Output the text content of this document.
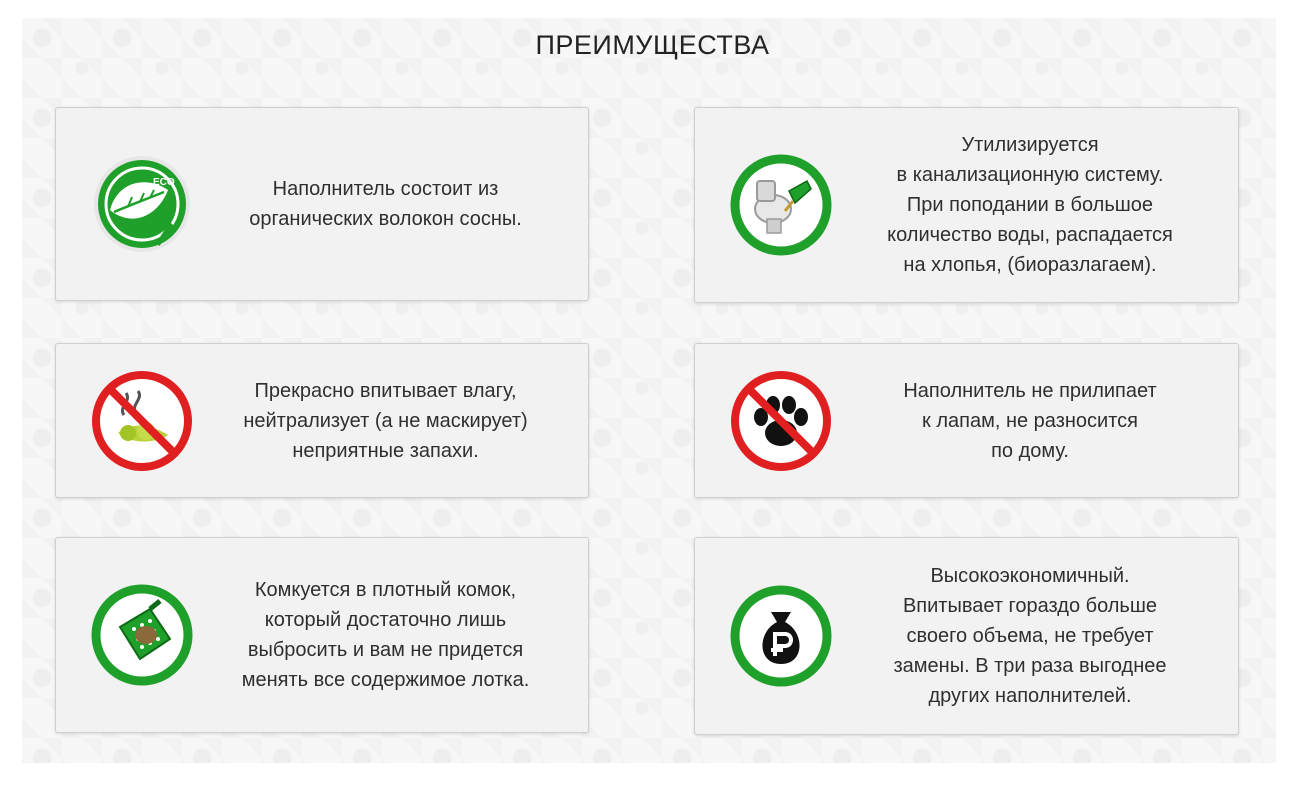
ПРЕИМУЩЕСТВА
ECO	Наполнитель состоит из
органических волокон сосны.
Утилизируется
в канализационную систему.
При поподании в большое
количество воды, распадается
на хлопья, (биоразлагаем).
Прекрасно впитывает влагу,
нейтрализует (а не маскирует)
неприятные запахи.
Наполнитель не прилипает
к лапам, не разносится
по дому.
Комкуется в плотный комок,
который достаточно лишь
выбросить и вам не придется
менять все содержимое лотка.
Высокоэкономичный.
Впитывает гораздо больше
своего объема, не требует
замены. В три раза выгоднее
других наполнителей.
